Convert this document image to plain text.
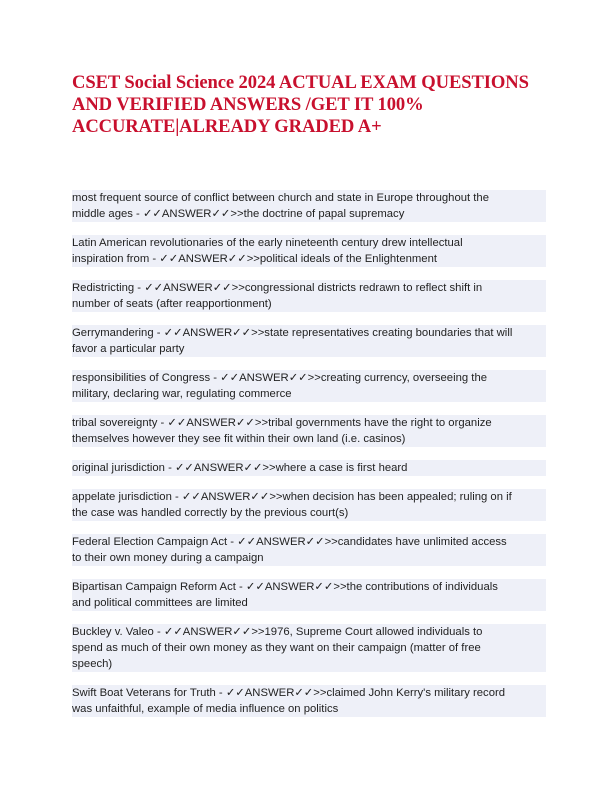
CSET Social Science 2024 ACTUAL EXAM QUESTIONS
AND VERIFIED ANSWERS /GET IT 100%
ACCURATE|ALREADY GRADED A+
most frequent source of conflict between church and state in Europe throughout the
middle ages - ✓✓ANSWER✓✓>>the doctrine of papal supremacy
Latin American revolutionaries of the early nineteenth century drew intellectual
inspiration from - ✓✓ANSWER✓✓>>political ideals of the Enlightenment
Redistricting - ✓✓ANSWER✓✓>>congressional districts redrawn to reflect shift in
number of seats (after reapportionment)
Gerrymandering - ✓✓ANSWER✓✓>>state representatives creating boundaries that will
favor a particular party
responsibilities of Congress - ✓✓ANSWER✓✓>>creating currency, overseeing the
military, declaring war, regulating commerce
tribal sovereignty - ✓✓ANSWER✓✓>>tribal governments have the right to organize
themselves however they see fit within their own land (i.e. casinos)
original jurisdiction - ✓✓ANSWER✓✓>>where a case is first heard
appelate jurisdiction - ✓✓ANSWER✓✓>>when decision has been appealed; ruling on if
the case was handled correctly by the previous court(s)
Federal Election Campaign Act - ✓✓ANSWER✓✓>>candidates have unlimited access
to their own money during a campaign
Bipartisan Campaign Reform Act - ✓✓ANSWER✓✓>>the contributions of individuals
and political committees are limited
Buckley v. Valeo - ✓✓ANSWER✓✓>>1976, Supreme Court allowed individuals to
spend as much of their own money as they want on their campaign (matter of free
speech)
Swift Boat Veterans for Truth - ✓✓ANSWER✓✓>>claimed John Kerry's military record
was unfaithful, example of media influence on politics
